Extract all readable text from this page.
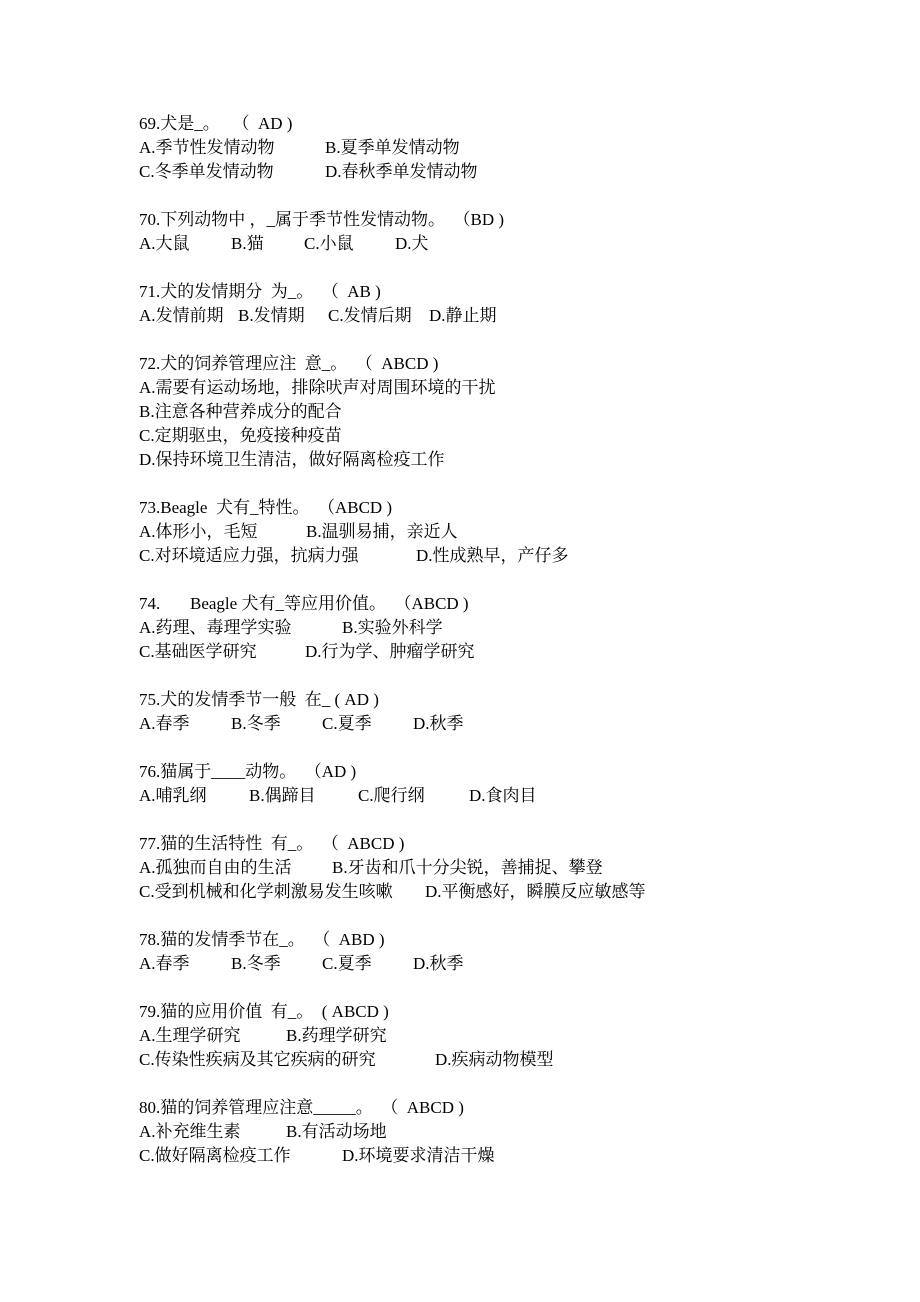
69.犬是_。   （  AD )
A.季节性发情动物	B.夏季单发情动物
C.冬季单发情动物	D.春秋季单发情动物
70.下列动物中 ，_属于季节性发情动物。  （BD )
A.大鼠 B.猫 C.小鼠 D.犬
71.犬的发情期分  为_。  （  AB )
A.发情前期 B.发情期 C.发情后期 D.静止期
72.犬的饲养管理应注  意_。  （  ABCD )
A.需要有运动场地，排除吠声对周围环境的干扰
B.注意各种营养成分的配合
C.定期驱虫，免疫接种疫苗
D.保持环境卫生清洁，做好隔离检疫工作
73.Beagle  犬有_特性。  （ABCD )
A.体形小，毛短	B.温驯易捕，亲近人
C.对环境适应力强，抗病力强	D.性成熟早，产仔多
74.       Beagle 犬有_等应用价值。  （ABCD )
A.药理、毒理学实验	B.实验外科学
C.基础医学研究	D.行为学、肿瘤学研究
75.犬的发情季节一般  在_ ( AD )
A.春季 B.冬季 C.夏季 D.秋季
76.猫属于____动物。  （AD )
A.哺乳纲 B.偶蹄目 C.爬行纲	D.食肉目
77.猫的生活特性  有_。  （  ABCD )
A.孤独而自由的生活 B.牙齿和爪十分尖锐，善捕捉、攀登
C.受到机械和化学刺激易发生咳嗽 D.平衡感好，瞬膜反应敏感等
78.猫的发情季节在_。  （  ABD )
A.春季 B.冬季 C.夏季 D.秋季
79.猫的应用价值  有_。  ( ABCD )
A.生理学研究	B.药理学研究
C.传染性疾病及其它疾病的研究	D.疾病动物模型
80.猫的饲养管理应注意_____。  （  ABCD )
A.补充维生素	B.有活动场地
C.做好隔离检疫工作	D.环境要求清洁干燥
